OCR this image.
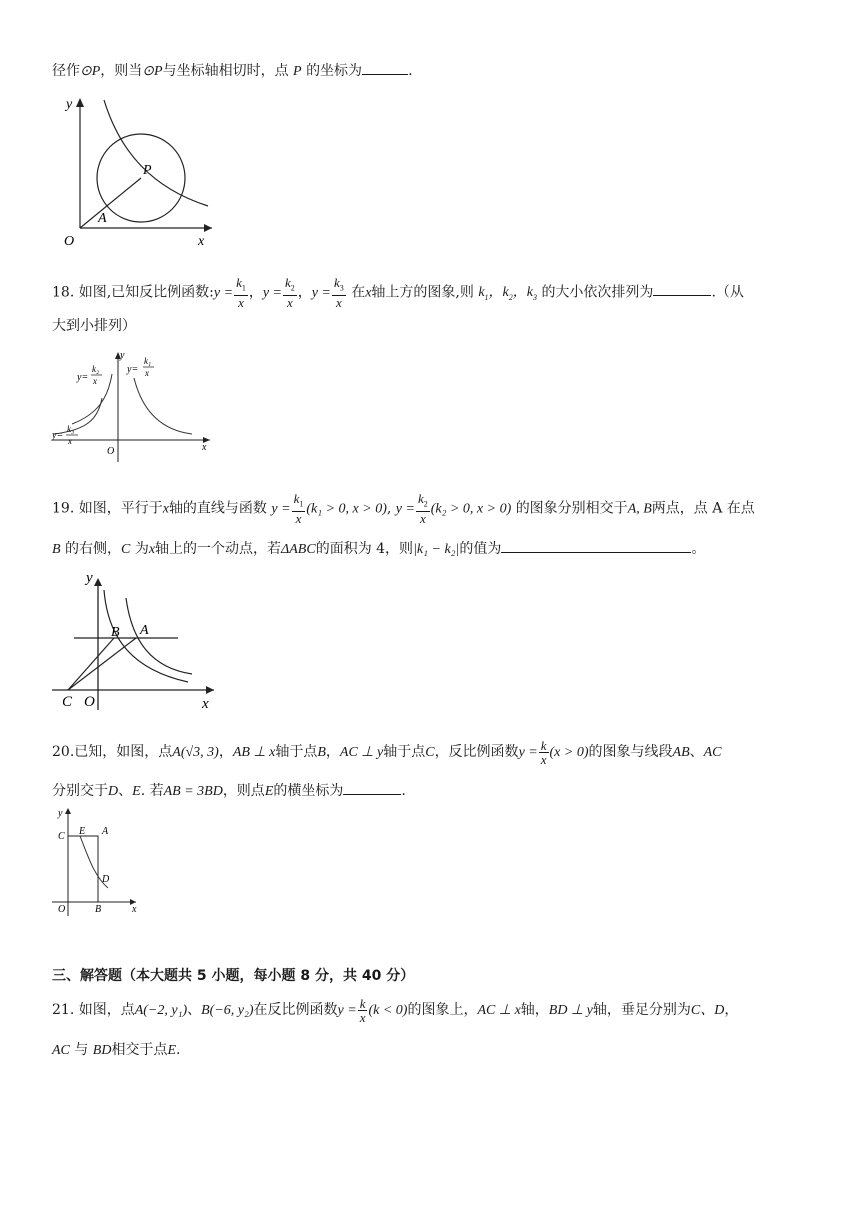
径作⊙P，则当⊙P与坐标轴相切时，点 P 的坐标为	.
y
x
O
P
A
18. 如图,已知反比例函数:y = $\frac{k_1}{x}$ ，$y = \frac{k_2}{x}$ ，$y = \frac{k_3}{x}$ 在x轴上方的图象,则 $k_1$，$k_2$，$k_3$ 的大小依次排列为	.（从
大到小排列）
y=
k₂
x
y=
k₃
x
y=
k₁
x
y
x
O
19. 如图，平行于x轴的直线与函数 $y = \frac{k_1}{x} (k_1 > 0$, x > 0), $y = \frac{k_2}{x} (k_2 > 0$, x > 0) 的图象分别相交于A, B两点，点 A 在点
B 的右侧，C 为x轴上的一个动点，若ΔABC的面积为 4，则|k₁ − k₂|的值为	。
y
x
C O
B A
20.已知，如图，点A(√3, 3)，AB ⊥ x轴于点B，AC ⊥ y轴于点C，反比例函数$y = \frac{k}{x} (x > 0)$的图象与线段AB、AC
分别交于D、E. 若AB = 3BD，则点E的横坐标为	.
y
x
O
C E A
D
B
三、解答题（本大题共 5 小题，每小题 8 分，共 40 分）
21. 如图，点A(−2, y₁)、B(−6, y₂)在反比例函数$y = \frac{k}{x} (k < 0)$的图象上，AC ⊥ x轴，BD ⊥ y轴，垂足分别为C、D，
AC 与 BD相交于点E.
